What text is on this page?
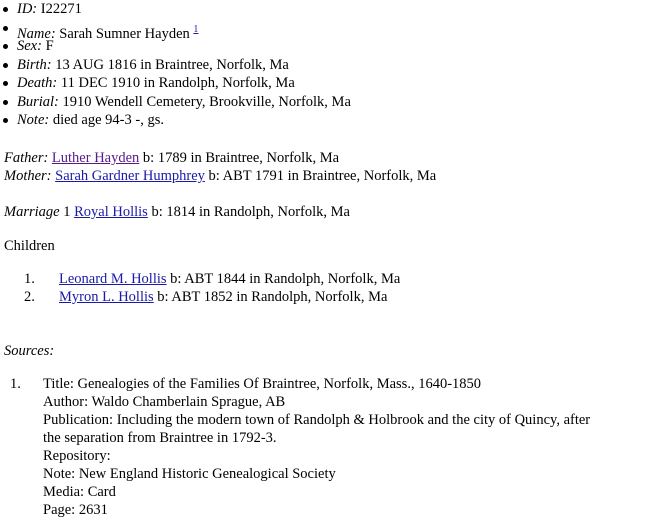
ID: I22271
Name: Sarah Sumner Hayden $^1$
Sex: F
Birth: 13 AUG 1816 in Braintree, Norfolk, Ma
Death: 11 DEC 1910 in Randolph, Norfolk, Ma
Burial: 1910 Wendell Cemetery, Brookville, Norfolk, Ma
Note: died age 94-3 -, gs.
Father: Luther Hayden b: 1789 in Braintree, Norfolk, Ma
Mother: Sarah Gardner Humphrey b: ABT 1791 in Braintree, Norfolk, Ma
Marriage 1 Royal Hollis b: 1814 in Randolph, Norfolk, Ma
Children
1. Leonard M. Hollis b: ABT 1844 in Randolph, Norfolk, Ma
2. Myron L. Hollis b: ABT 1852 in Randolph, Norfolk, Ma
Sources:
1. Title: Genealogies of the Families Of Braintree, Norfolk, Mass., 1640-1850
Author: Waldo Chamberlain Sprague, AB
Publication: Including the modern town of Randolph & Holbrook and the city of Quincy, after
the separation from Braintree in 1792-3.
Repository:
Note: New England Historic Genealogical Society
Media: Card
Page: 2631
